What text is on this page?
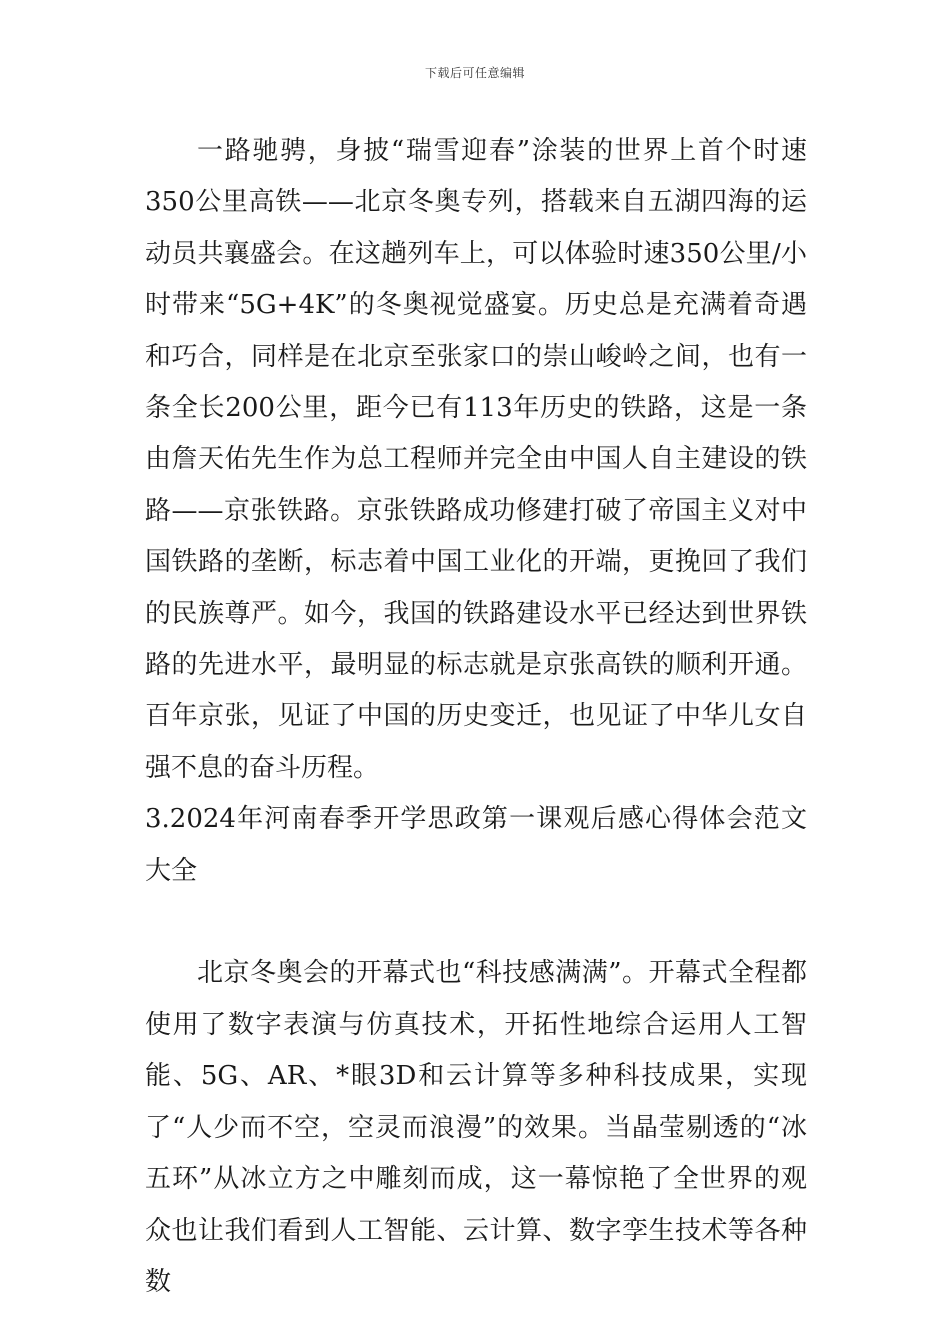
下载后可任意编辑

一路驰骋，身披“瑞雪迎春”涂装的世界上首个时速350公里高铁——北京冬奥专列，搭载来自五湖四海的运动员共襄盛会。在这趟列车上，可以体验时速350公里/小时带来“5G+4K”的冬奥视觉盛宴。历史总是充满着奇遇和巧合，同样是在北京至张家口的崇山峻岭之间，也有一条全长200公里，距今已有113年历史的铁路，这是一条由詹天佑先生作为总工程师并完全由中国人自主建设的铁路——京张铁路。京张铁路成功修建打破了帝国主义对中国铁路的垄断，标志着中国工业化的开端，更挽回了我们的民族尊严。如今，我国的铁路建设水平已经达到世界铁路的先进水平，最明显的标志就是京张高铁的顺利开通。百年京张，见证了中国的历史变迁，也见证了中华儿女自强不息的奋斗历程。

3.2024年河南春季开学思政第一课观后感心得体会范文大全

北京冬奥会的开幕式也“科技感满满”。开幕式全程都使用了数字表演与仿真技术，开拓性地综合运用人工智能、5G、AR、*眼3D和云计算等多种科技成果，实现了“人少而不空，空灵而浪漫”的效果。当晶莹剔透的“冰五环”从冰立方之中雕刻而成，这一幕惊艳了全世界的观众也让我们看到人工智能、云计算、数字孪生技术等各种数
